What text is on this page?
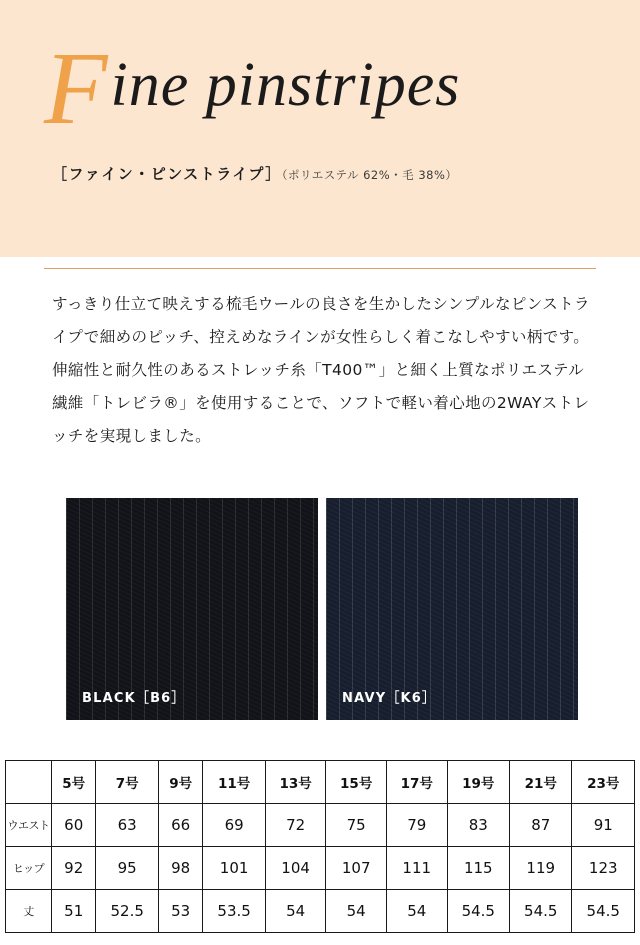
Fine pinstripes
［ファイン・ピンストライプ］
（ポリエステル 62%・毛 38%）
すっきり仕立て映えする梳毛ウールの良さを生かしたシンプルなピンストライプで細めのピッチ、控えめなラインが女性らしく着こなしやすい柄です。伸縮性と耐久性のあるストレッチ糸「T400™」と細く上質なポリエステル繊維「トレビラ®」を使用することで、ソフトで軽い着心地の2WAYストレッチを実現しました。
BLACK［B6］	NAVY［K6］
	5号	7号	9号	11号	13号	15号	17号	19号	21号	23号
ウエスト	60	63	66	69	72	75	79	83	87	91
ヒップ	92	95	98	101	104	107	111	115	119	123
丈	51	52.5	53	53.5	54	54	54	54.5	54.5	54.5
